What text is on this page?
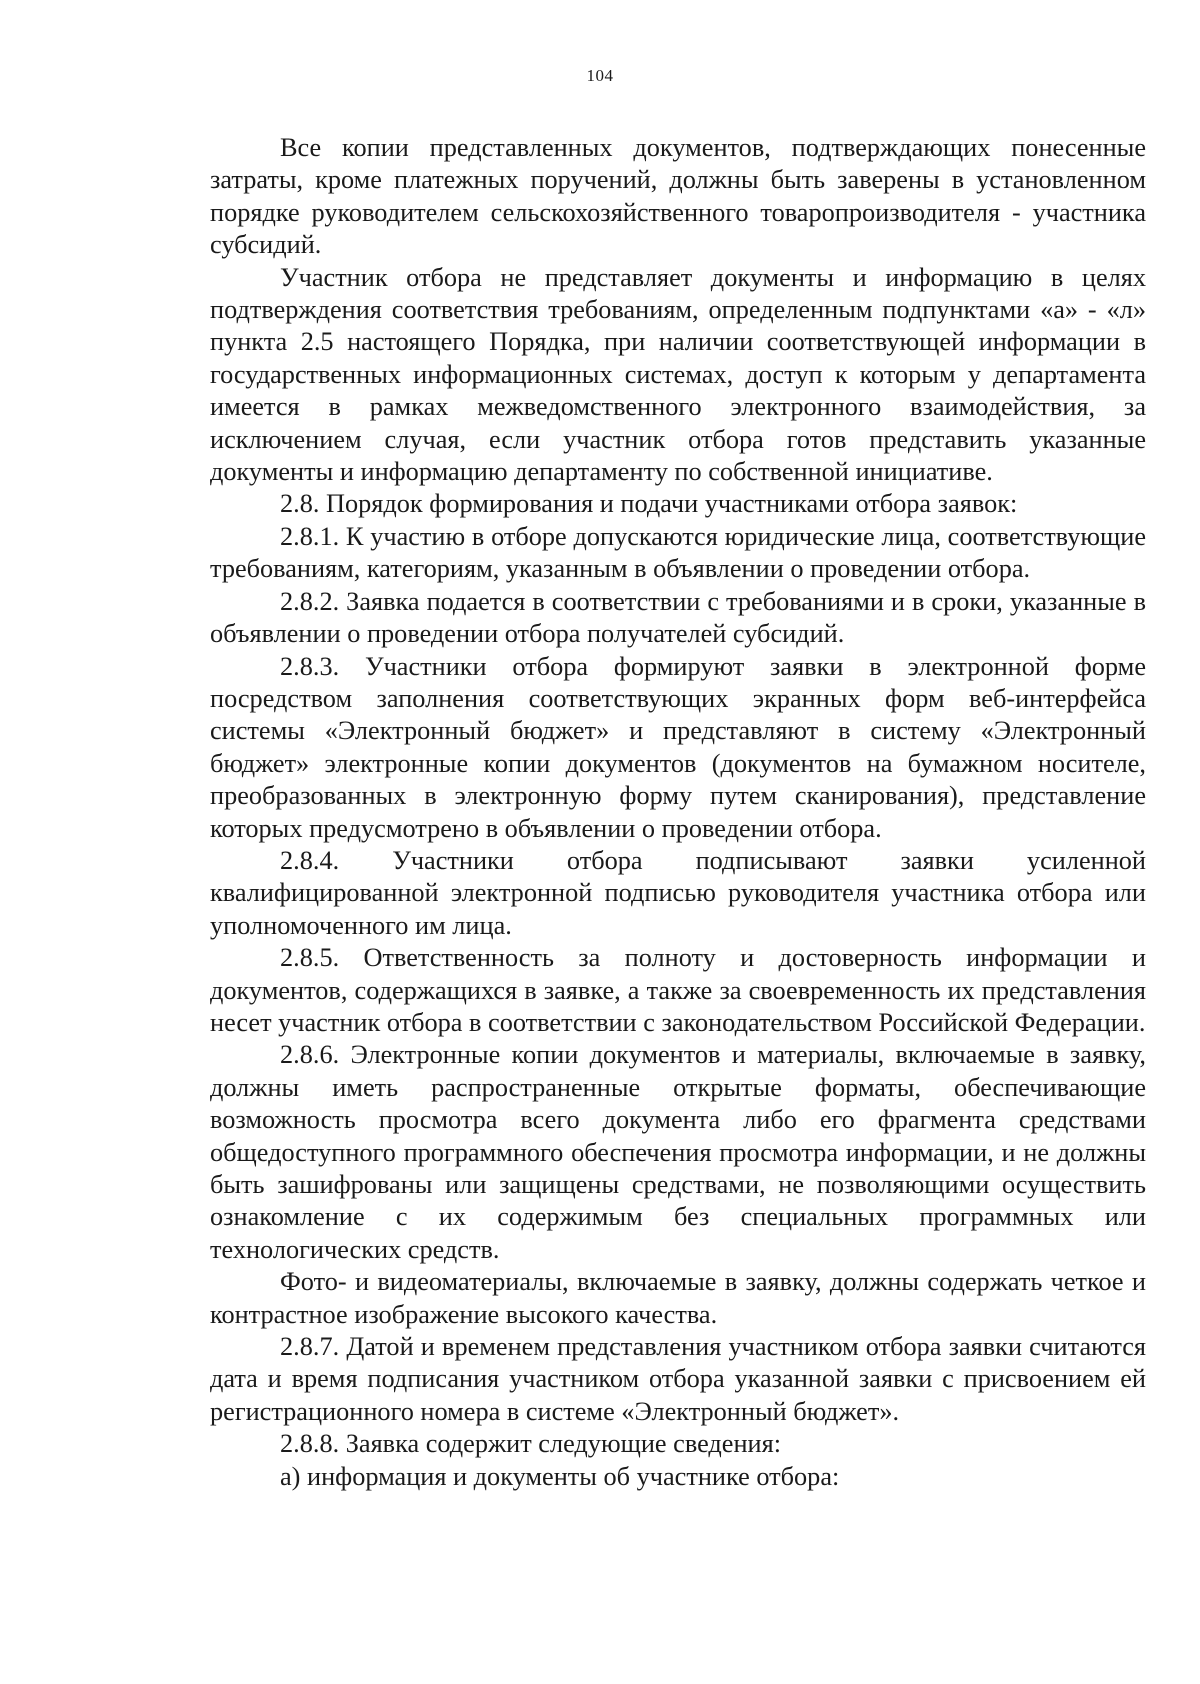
104

Все копии представленных документов, подтверждающих понесенные затраты, кроме платежных поручений, должны быть заверены в установленном порядке руководителем сельскохозяйственного товаропроизводителя - участника субсидий.

Участник отбора не представляет документы и информацию в целях подтверждения соответствия требованиям, определенным подпунктами «а» - «л» пункта 2.5 настоящего Порядка, при наличии соответствующей информации в государственных информационных системах, доступ к которым у департамента имеется в рамках межведомственного электронного взаимодействия, за исключением случая, если участник отбора готов представить указанные документы и информацию департаменту по собственной инициативе.

2.8. Порядок формирования и подачи участниками отбора заявок:

2.8.1. К участию в отборе допускаются юридические лица, соответствующие требованиям, категориям, указанным в объявлении о проведении отбора.

2.8.2. Заявка подается в соответствии с требованиями и в сроки, указанные в объявлении о проведении отбора получателей субсидий.

2.8.3. Участники отбора формируют заявки в электронной форме посредством заполнения соответствующих экранных форм веб-интерфейса системы «Электронный бюджет» и представляют в систему «Электронный бюджет» электронные копии документов (документов на бумажном носителе, преобразованных в электронную форму путем сканирования), представление которых предусмотрено в объявлении о проведении отбора.

2.8.4. Участники отбора подписывают заявки усиленной квалифицированной электронной подписью руководителя участника отбора или уполномоченного им лица.

2.8.5. Ответственность за полноту и достоверность информации и документов, содержащихся в заявке, а также за своевременность их представления несет участник отбора в соответствии с законодательством Российской Федерации.

2.8.6. Электронные копии документов и материалы, включаемые в заявку, должны иметь распространенные открытые форматы, обеспечивающие возможность просмотра всего документа либо его фрагмента средствами общедоступного программного обеспечения просмотра информации, и не должны быть зашифрованы или защищены средствами, не позволяющими осуществить ознакомление с их содержимым без специальных программных или технологических средств.

Фото- и видеоматериалы, включаемые в заявку, должны содержать четкое и контрастное изображение высокого качества.

2.8.7. Датой и временем представления участником отбора заявки считаются дата и время подписания участником отбора указанной заявки с присвоением ей регистрационного номера в системе «Электронный бюджет».

2.8.8. Заявка содержит следующие сведения:

а) информация и документы об участнике отбора:
